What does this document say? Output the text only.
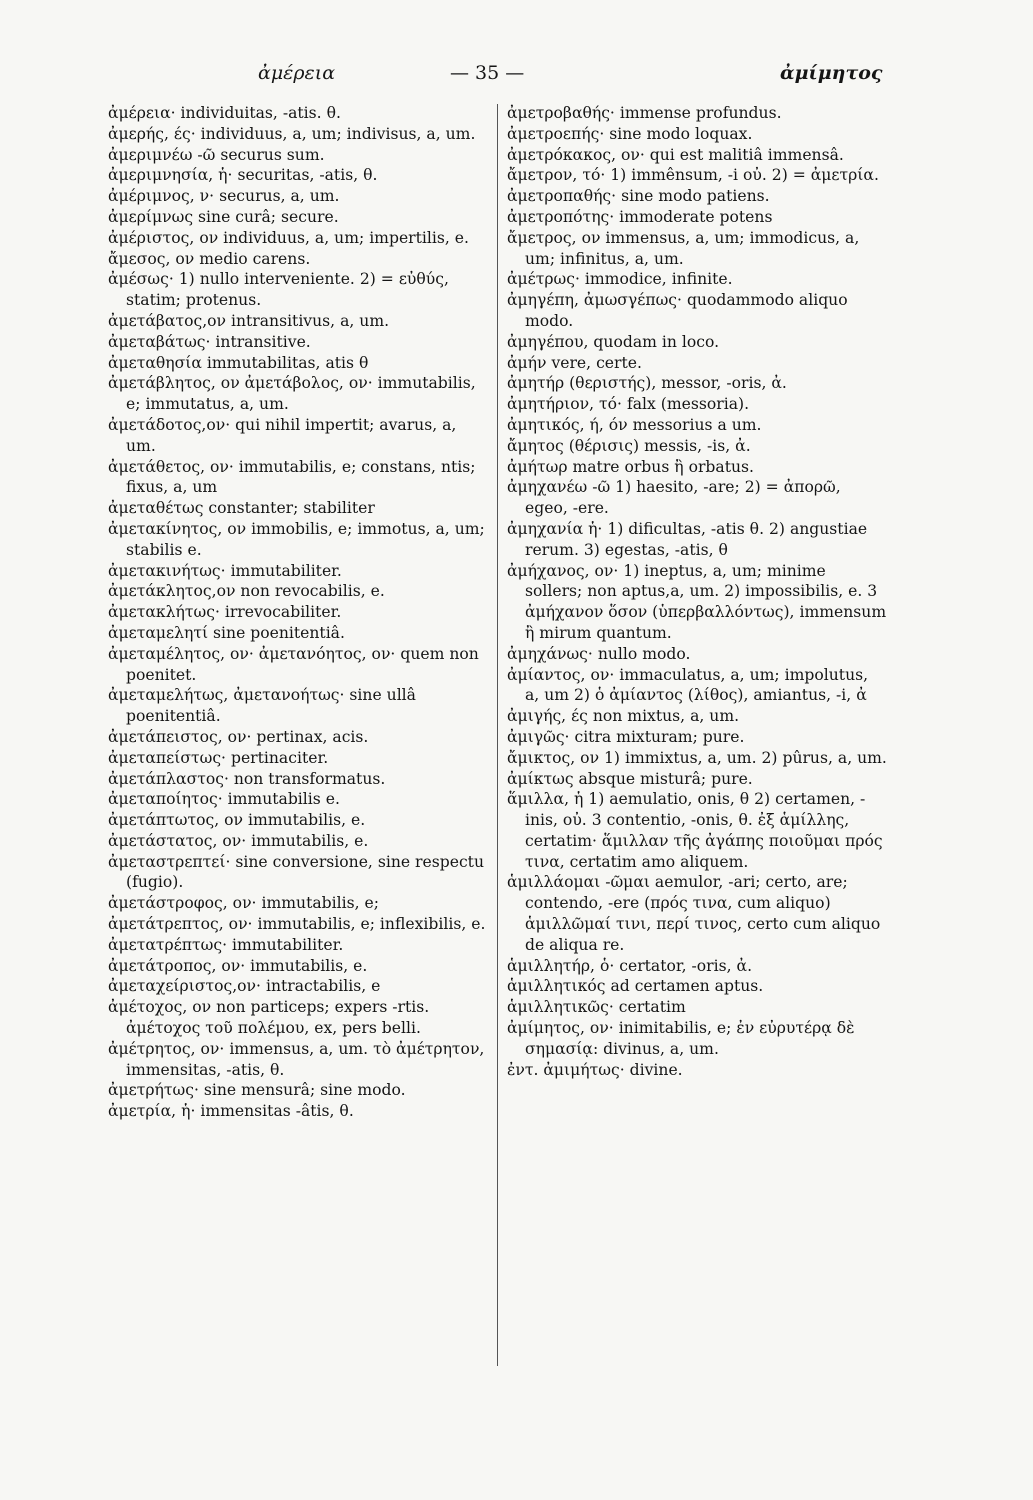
ἀμέρεια	— 35 —	ἀμίμητος
ἀμέρεια· individuitas, -atis. θ.
ἀμερής, ές· individuus, a, um; indivisus, a, um.
ἀμεριμνέω -ῶ securus sum.
ἀμεριμνησία, ἡ· securitas, -atis, θ.
ἀμέριμνος, ν· securus, a, um.
ἀμερίμνως sine curâ; secure.
ἀμέριστος, ον individuus, a, um; impertilis, e.
ἄμεσος, ον medio carens.
ἀμέσως· 1) nullo interveniente. 2) = εὐθύς, statim; protenus.
ἀμετάβατος,ον intransitivus, a, um.
ἀμεταβάτως· intransitive.
ἀμεταθησία immutabilitas, atis θ
ἀμετάβλητος, ον ἀμετάβολος, ον· immutabilis, e; immutatus, a, um.
ἀμετάδοτος,ον· qui nihil impertit; avarus, a, um.
ἀμετάθετος, ον· immutabilis, e; constans, ntis; fixus, a, um
ἀμεταθέτως constanter; stabiliter
ἀμετακίνητος, ον immobilis, e; immotus, a, um; stabilis e.
ἀμετακινήτως· immutabiliter.
ἀμετάκλητος,ον non revocabilis, e.
ἀμετακλήτως· irrevocabiliter.
ἀμεταμελητί sine poenitentiâ.
ἀμεταμέλητος, ον· ἀμετανόητος, ον· quem non poenitet.
ἀμεταμελήτως, ἀμετανοήτως· sine ullâ poenitentiâ.
ἀμετάπειστος, ον· pertinax, acis.
ἀμεταπείστως· pertinaciter.
ἀμετάπλαστος· non transformatus.
ἀμεταποίητος· immutabilis e.
ἀμετάπτωτος, ον immutabilis, e.
ἀμετάστατος, ον· immutabilis, e.
ἀμεταστρεπτεί· sine conversione, sine respectu (fugio).
ἀμετάστροφος, ον· immutabilis, e;
ἀμετάτρεπτος, ον· immutabilis, e; inflexibilis, e.
ἀμετατρέπτως· immutabiliter.
ἀμετάτροπος, ον· immutabilis, e.
ἀμεταχείριστος,ον· intractabilis, e
ἀμέτοχος, ον non particeps; expers -rtis. ἀμέτοχος τοῦ πολέμου, ex, pers belli.
ἀμέτρητος, ον· immensus, a, um. τὸ ἀμέτρητον, immensitas, -atis, θ.
ἀμετρήτως· sine mensurâ; sine modo.
ἀμετρία, ἡ· immensitas -âtis, θ.
ἀμετροβαθής· immense profundus.
ἀμετροεπής· sine modo loquax.
ἀμετρόκακος, ον· qui est malitiâ immensâ.
ἄμετρον, τό· 1) immênsum, -i οὐ. 2) = ἀμετρία.
ἀμετροπαθής· sine modo patiens.
ἀμετροπότης· immoderate potens
ἄμετρος, ον immensus, a, um; immodicus, a, um; infinitus, a, um.
ἀμέτρως· immodice, infinite.
ἀμηγέπη, ἀμωσγέπως· quodammodo aliquo modo.
ἀμηγέπου, quodam in loco.
ἀμήν vere, certe.
ἀμητήρ (θεριστής), messor, -oris, ἀ.
ἀμητήριον, τό· falx (messoria).
ἀμητικός, ή, όν messorius a um.
ἄμητος (θέρισις) messis, -is, ἀ.
ἀμήτωρ matre orbus ἢ orbatus.
ἀμηχανέω -ῶ 1) haesito, -are; 2) = ἀπορῶ, egeo, -ere.
ἀμηχανία ἡ· 1) dificultas, -atis θ. 2) angustiae rerum. 3) egestas, -atis, θ
ἀμήχανος, ον· 1) ineptus, a, um; minime sollers; non aptus,a, um. 2) impossibilis, e. 3 ἀμήχανον ὅσον (ὑπερβαλλόντως), immensum ἢ mirum quantum.
ἀμηχάνως· nullo modo.
ἀμίαντος, ον· immaculatus, a, um; impolutus, a, um 2) ὁ ἀμίαντος (λίθος), amiantus, -i, ἀ
ἀμιγής, ές non mixtus, a, um.
ἀμιγῶς· citra mixturam; pure.
ἄμικτος, ον 1) immixtus, a, um. 2) pûrus, a, um.
ἀμίκτως absque misturâ; pure.
ἅμιλλα, ἡ 1) aemulatio, onis, θ 2) certamen, -inis, οὐ. 3 contentio, -onis, θ. ἐξ ἁμίλλης, certatim· ἅμιλλαν τῆς ἀγάπης ποιοῦμαι πρός τινα, certatim amo aliquem.
ἁμιλλάομαι -ῶμαι aemulor, -ari; certo, are; contendo, -ere (πρός τινα, cum aliquo) ἁμιλλῶμαί τινι, περί τινος, certo cum aliquo de aliqua re.
ἁμιλλητήρ, ὁ· certator, -oris, ἀ.
ἁμιλλητικός ad certamen aptus.
ἁμιλλητικῶς· certatim
ἀμίμητος, ον· inimitabilis, e; ἐν εὐρυτέρᾳ δὲ σημασίᾳ: divinus, a, um.
ἐντ. ἀμιμήτως· divine.
